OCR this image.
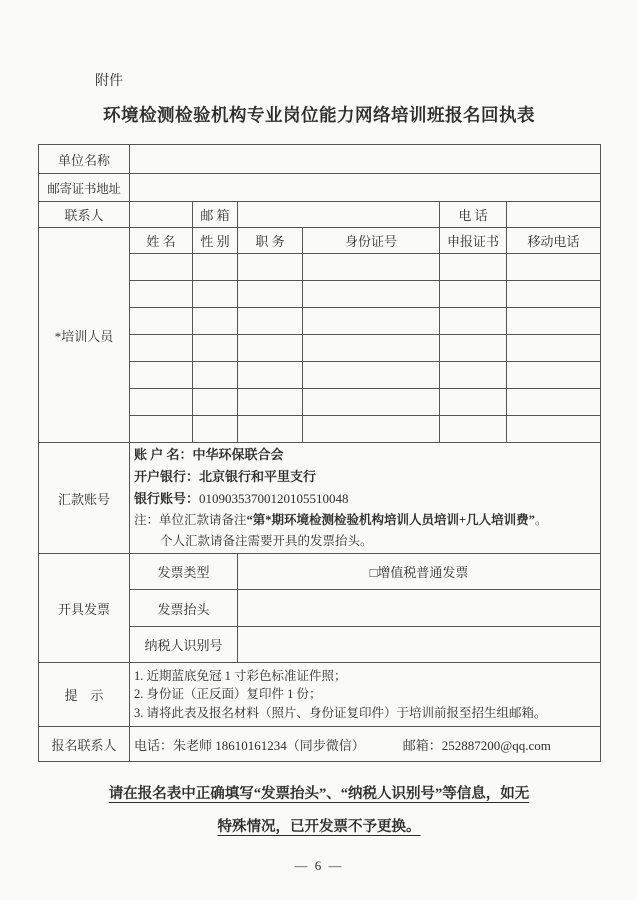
附件
环境检测检验机构专业岗位能力网络培训班报名回执表
单位名称						
邮寄证书地址						
联系人		邮 箱			电 话	
*培训人员	姓 名	性 别	职 务	身份证号	申报证书	移动电话

汇款账号	账 户 名：中华环保联合会
开户银行：北京银行和平里支行
银行账号：01090353700120105510048
注：单位汇款请备注“第*期环境检测检验机构培训人员培训+几人培训费”。
个人汇款请备注需要开具的发票抬头。					

开具发票	发票类型		□增值税普通发票			
	发票抬头					
	纳税人识别号					
提　示	1. 近期蓝底免冠 1 寸彩色标准证件照；
2. 身份证（正反面）复印件 1 份；
3. 请将此表及报名材料（照片、身份证复印件）于培训前报至招生组邮箱。					

报名联系人	电话：朱老师 18610161234（同步微信） 邮箱：252887200@qq.com					
请在报名表中正确填写“发票抬头”、“纳税人识别号”等信息，如无
特殊情况，已开发票不予更换。
— 6 —
